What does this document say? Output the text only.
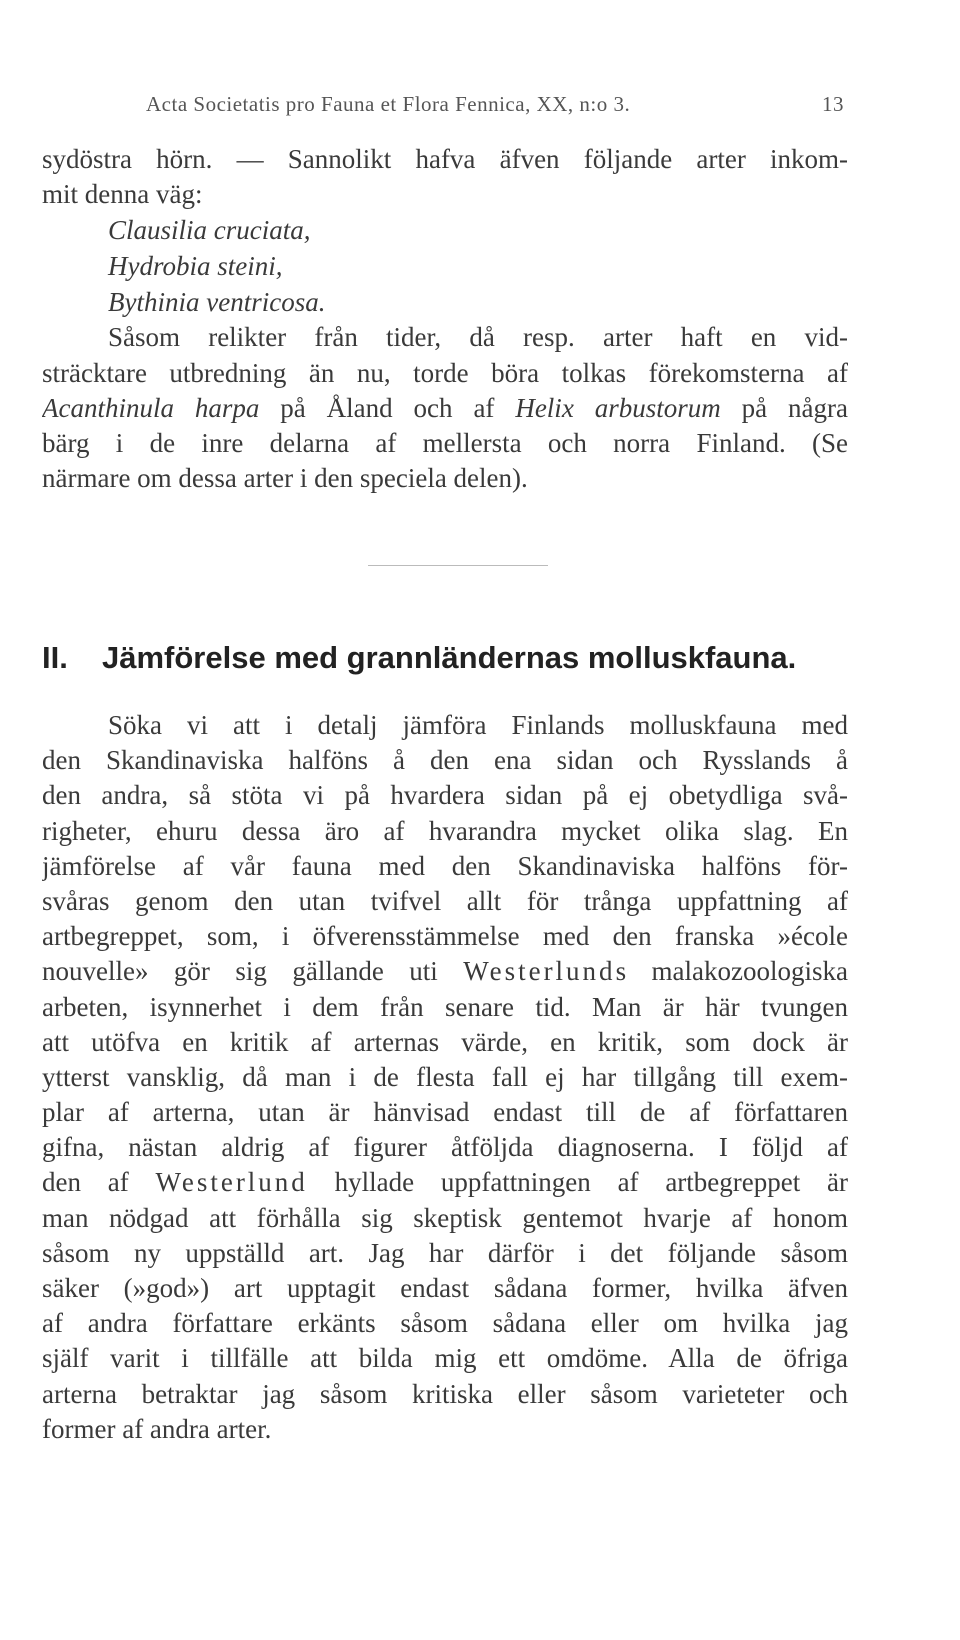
Acta Societatis pro Fauna et Flora Fennica, XX, n:o 3.	13
sydöstra hörn. — Sannolikt hafva äfven följande arter inkom-
mit denna väg:
Clausilia cruciata,
Hydrobia steini,
Bythinia ventricosa.
Såsom relikter från tider, då resp. arter haft en vid-
sträcktare utbredning än nu, torde böra tolkas förekomsterna af
Acanthinula harpa på Åland och af Helix arbustorum på några
bärg i de inre delarna af mellersta och norra Finland. (Se
närmare om dessa arter i den speciela delen).
II. Jämförelse med grannländernas molluskfauna.
Söka vi att i detalj jämföra Finlands molluskfauna med
den Skandinaviska halföns å den ena sidan och Rysslands å
den andra, så stöta vi på hvardera sidan på ej obetydliga svå-
righeter, ehuru dessa äro af hvarandra mycket olika slag. En
jämförelse af vår fauna med den Skandinaviska halföns för-
svåras genom den utan tvifvel allt för trånga uppfattning af
artbegreppet, som, i öfverensstämmelse med den franska »école
nouvelle» gör sig gällande uti Westerlunds malakozoologiska
arbeten, isynnerhet i dem från senare tid. Man är här tvungen
att utöfva en kritik af arternas värde, en kritik, som dock är
ytterst vansklig, då man i de flesta fall ej har tillgång till exem-
plar af arterna, utan är hänvisad endast till de af författaren
gifna, nästan aldrig af figurer åtföljda diagnoserna. I följd af
den af Westerlund hyllade uppfattningen af artbegreppet är
man nödgad att förhålla sig skeptisk gentemot hvarje af honom
såsom ny uppställd art. Jag har därför i det följande såsom
säker (»god») art upptagit endast sådana former, hvilka äfven
af andra författare erkänts såsom sådana eller om hvilka jag
själf varit i tillfälle att bilda mig ett omdöme. Alla de öfriga
arterna betraktar jag såsom kritiska eller såsom varieteter och
former af andra arter.
